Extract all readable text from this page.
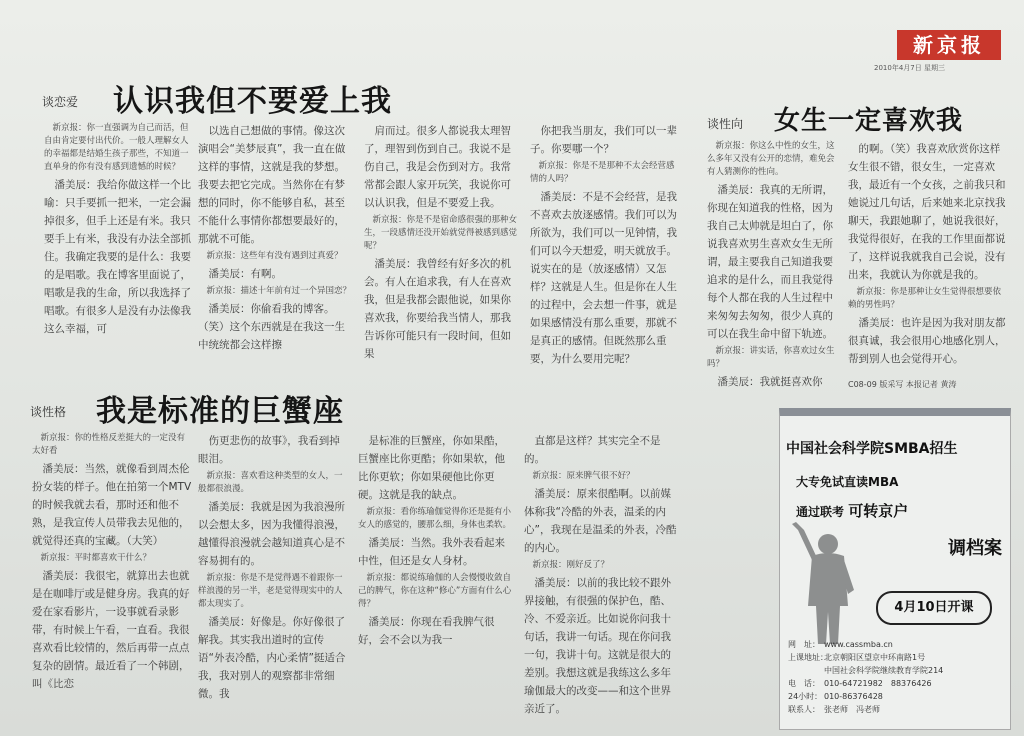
新京报
2010年4月7日 星期三
谈恋爱 认识我但不要爱上我

新京报：你一直强调为自己而活，但自由肯定要付出代价。一般人理解女人的幸福都是结婚生孩子那些，不知道一直单身的你有没有感到遗憾的时候？

潘美辰：我给你做这样一个比喻：只手要抓一把米，一定会漏掉很多，但手上还是有米。我只要手上有米，我没有办法全部抓住。我确定我要的是什么：我要的是唱歌。我在博客里面说了，唱歌是我的生命，所以我选择了唱歌。有很多人是没有办法像我这么幸福，可

以选自己想做的事情。像这次演唱会“美梦辰真”，我一直在做这样的事情，这就是我的梦想。我要去把它完成。当然你在有梦想的同时，你不能够自私，甚至不能什么事情你都想要最好的，那就不可能。

新京报：这些年有没有遇到过真爱？

潘美辰：有啊。

新京报：描述十年前有过一个异国恋？

潘美辰：你偷看我的博客。（笑）这个东西就是在我这一生中统统都会这样擦

肩而过。很多人都说我太理智了，理智到伤到自己。我说不是伤自己，我是会伤到对方。我常常都会跟人家开玩笑，我说你可以认识我，但是不要爱上我。

新京报：你是不是宿命感很强的那种女生，一段感情还没开始就觉得被感到感觉呢？

潘美辰：我曾经有好多次的机会。有人在追求我，有人在喜欢我，但是我都会跟他说，如果你喜欢我，你要给我当情人，那我告诉你可能只有一段时间，但如果

你把我当朋友，我们可以一辈子。你要哪一个？

新京报：你是不是那种不太会经营感情的人吗？

潘美辰：不是不会经营，是我不喜欢去放逐感情。我们可以为所欲为，我们可以一见钟情，我们可以今天想爱，明天就放手。说实在的是（放逐感情）又怎样？这就是人生。但是你在人生的过程中，会去想一件事，就是如果感情没有那么重要，那就不是真正的感情。但既然那么重要，为什么要用完呢？

谈性向 女生一定喜欢我

新京报：你这么中性的女生，这么多年又没有公开的恋情，难免会有人猜测你的性向。

潘美辰：我真的无所谓，你现在知道我的性格，因为我自己太帅就是坦白了，你说我喜欢男生喜欢女生无所谓，最主要我自己知道我要追求的是什么，而且我觉得每个人都在我的人生过程中来匆匆去匆匆，很少人真的可以在我生命中留下轨迹。

新京报：讲实话，你喜欢过女生吗？

潘美辰：我就挺喜欢你

的啊。（笑）我喜欢欣赏你这样女生很不错，很女生，一定喜欢我，最近有一个女孩，之前我只和她说过几句话，后来她来北京找我聊天，我跟她聊了，她说我很好，我觉得很好，在我的工作里面都说了，这样说我就我自己会说，没有出来，我就认为你就是我的。

新京报：你是那种让女生觉得很想要依赖的男性吗？

潘美辰：也许是因为我对朋友都很真诚，我会很用心地感化别人，帮到别人也会觉得开心。

C08-09 版采写 本报记者 黄涛
谈性格 我是标准的巨蟹座

新京报：你的性格反差挺大的一定没有太好看

潘美辰：当然，就像看到周杰伦扮女装的样子。他在拍第一个MTV的时候我就去看，那时还和他不熟，是我宣传人员带我去见他的，就觉得还真的宝藏。（大笑）

新京报：平时都喜欢干什么？

潘美辰：我很宅，就算出去也就是在咖啡厅或是健身房。我真的好爱在家看影片，一设事就看录影带，有时候上午看，一直看。我很喜欢看比较情的，然后再带一点点复杂的剧情。最近看了一个韩剧，叫《比恋

伤更悲伤的故事》，我看到掉眼泪。

新京报：喜欢看这种类型的女人，一般都很浪漫。

潘美辰：我就是因为我浪漫所以会想太多，因为我懂得浪漫，越懂得浪漫就会越知道真心是不容易拥有的。

新京报：你是不是觉得遇不着跟你一样浪漫的另一半，老是觉得现实中的人都太现实了。

潘美辰：好像是。你好像很了解我。其实我出道时的宣传语“外表冷酷，内心柔情”挺适合我，我对别人的观察都非常细微。我

是标准的巨蟹座，你如果酷，巨蟹座比你更酷；你如果软，他比你更软；你如果硬他比你更硬。这就是我的缺点。

新京报：看你练瑜伽觉得你还是挺有小女人的感觉的，腰那么细，身体也柔软。

潘美辰：当然。我外表看起来中性，但还是女人身材。

新京报：都说练瑜伽的人会慢慢收敛自己的脾气，你在这种“修心”方面有什么心得？

潘美辰：你现在看我脾气很好，会不会以为我一

直都是这样？其实完全不是的。

新京报：原来脾气很不好？

潘美辰：原来很酷啊。以前媒体称我“冷酷的外表，温柔的内心”，我现在是温柔的外表，冷酷的内心。

新京报：刚好反了？

潘美辰：以前的我比较不跟外界接触，有很强的保护色，酷、冷、不爱亲近。比如说你问我十句话，我讲一句话。现在你问我一句，我讲十句。这就是很大的差别。我想这就是我练这么多年瑜伽最大的改变——和这个世界亲近了。

中国社会科学院SMBA招生
大专免试直读MBA
通过联考 可转京户
调档案
4月10日开课
网　址： www.cassmba.cn
上课地址：北京朝阳区望京中环南路1号
中国社会科学院继续教育学院214
电　话： 010-64721982　88376426
24小时： 010-86376428
联系人： 张老师　冯老师
